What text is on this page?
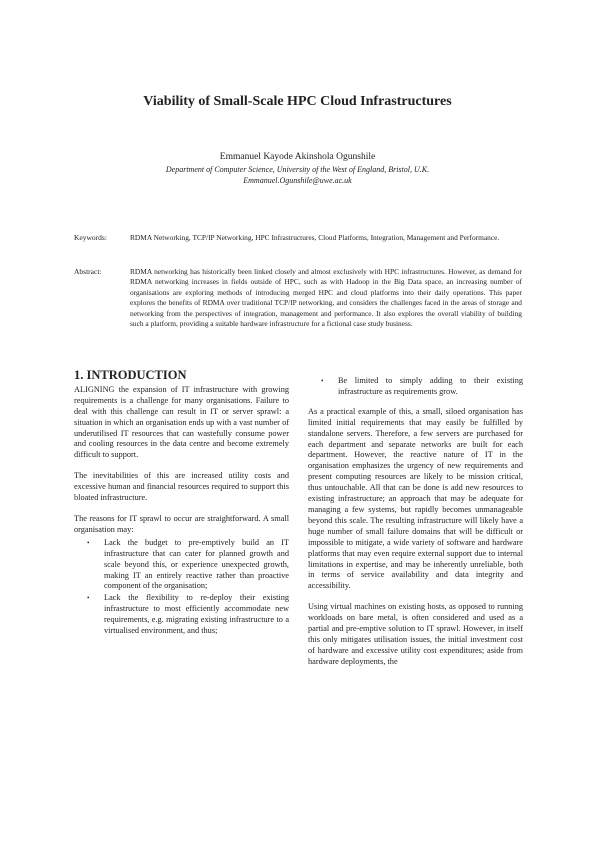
Viability of Small-Scale HPC Cloud Infrastructures
Emmanuel Kayode Akinshola Ogunshile
Department of Computer Science, University of the West of England, Bristol, U.K.
Emmanuel.Ogunshile@uwe.ac.uk
Keywords:	RDMA Networking, TCP/IP Networking, HPC Infrastructures, Cloud Platforms, Integration, Management and Performance.
Abstract:	RDMA networking has historically been linked closely and almost exclusively with HPC infrastructures. However, as demand for RDMA networking increases in fields outside of HPC, such as with Hadoop in the Big Data space, an increasing number of organisations are exploring methods of introducing merged HPC and cloud platforms into their daily operations. This paper explores the benefits of RDMA over traditional TCP/IP networking, and considers the challenges faced in the areas of storage and networking from the perspectives of integration, management and performance. It also explores the overall viability of building such a platform, providing a suitable hardware infrastructure for a fictional case study business.
1. INTRODUCTION

ALIGNING the expansion of IT infrastructure with growing requirements is a challenge for many organisations. Failure to deal with this challenge can result in IT or server sprawl: a situation in which an organisation ends up with a vast number of underutilised IT resources that can wastefully consume power and cooling resources in the data centre and become extremely difficult to support.

The inevitabilities of this are increased utility costs and excessive human and financial resources required to support this bloated infrastructure.

The reasons for IT sprawl to occur are straightforward. A small organisation may:

• Lack the budget to pre-emptively build an IT infrastructure that can cater for planned growth and scale beyond this, or experience unexpected growth, making IT an entirely reactive rather than proactive component of the organisation;
• Lack the flexibility to re-deploy their existing infrastructure to most efficiently accommodate new requirements, e.g. migrating existing infrastructure to a virtualised environment, and thus;
• Be limited to simply adding to their existing infrastructure as requirements grow.

As a practical example of this, a small, siloed organisation has limited initial requirements that may easily be fulfilled by standalone servers. Therefore, a few servers are purchased for each department and separate networks are built for each department. However, the reactive nature of IT in the organisation emphasizes the urgency of new requirements and present computing resources are likely to be mission critical, thus untouchable. All that can be done is add new resources to existing infrastructure; an approach that may be adequate for managing a few systems, but rapidly becomes unmanageable beyond this scale. The resulting infrastructure will likely have a huge number of small failure domains that will be difficult or impossible to mitigate, a wide variety of software and hardware platforms that may even require external support due to internal limitations in expertise, and may be inherently unreliable, both in terms of service availability and data integrity and accessibility.

Using virtual machines on existing hosts, as opposed to running workloads on bare metal, is often considered and used as a partial and pre-emptive solution to IT sprawl. However, in itself this only mitigates utilisation issues, the initial investment cost of hardware and excessive utility cost expenditures; aside from hardware deployments, the
